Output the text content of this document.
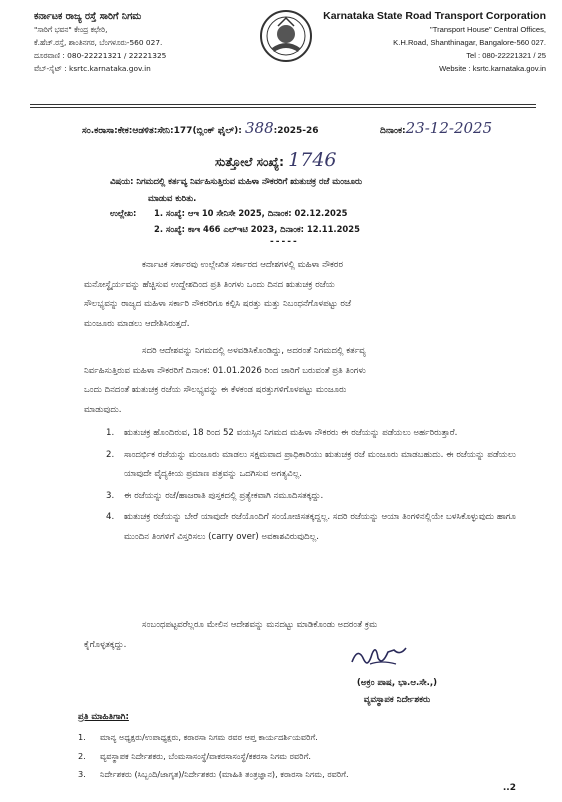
ಕರ್ನಾಟಕ ರಾಜ್ಯ ರಸ್ತೆ ಸಾರಿಗೆ ನಿಗಮ
"ಸಾರಿಗೆ ಭವನ" ಕೇಂದ್ರ ಕಛೇರಿ,
ಕೆ.ಹೆಚ್.ರಸ್ತೆ, ಶಾಂತಿನಗರ, ಬೆಂಗಳೂರು-560 027.
ದೂರವಾಣಿ : 080-22221321 / 22221325
ವೆಬ್-ಸೈಟ್ : ksrtc.karnataka.gov.in
Karnataka State Road Transport Corporation
"Transport House" Central Offices,
K.H.Road, Shanthinagar, Bangalore-560 027.
Tel : 080-22221321 / 25
Website : ksrtc.karnataka.gov.in
ಸಂ.ಕರಾಸಾ:ಕೇಕ:ಆಡಳಿತ:ಸೇನಿ:177(ಬ್ಲಿಂಕ್ ಫೈಲ್): 388:2025-26	ದಿನಾಂಕ:23-12-2025
ಸುತ್ತೋಲೆ ಸಂಖ್ಯೆ: 1746
ವಿಷಯ: ನಿಗಮದಲ್ಲಿ ಕರ್ತವ್ಯ ನಿರ್ವಹಿಸುತ್ತಿರುವ ಮಹಿಳಾ ನೌಕರರಿಗೆ ಋತುಚಕ್ರ ರಜೆ ಮಂಜೂರು
ಮಾಡುವ ಕುರಿತು.
ಉಲ್ಲೇಖ: 1. ಸಂಖ್ಯೆ: ಆಇ 10 ಸೇನಿಸೇ 2025, ದಿನಾಂಕ: 02.12.2025
2. ಸಂಖ್ಯೆ: ಕಾಇ 466 ಎಲ್ಇಟಿ 2023, ದಿನಾಂಕ: 12.11.2025
-----
ಕರ್ನಾಟಕ ಸರ್ಕಾರವು ಉಲ್ಲೇಖಿತ ಸರ್ಕಾರದ ಆದೇಶಗಳಲ್ಲಿ ಮಹಿಳಾ ನೌಕರರ
ಮನೋಸ್ಥೈರ್ಯವನ್ನು ಹೆಚ್ಚಿಸುವ ಉದ್ದೇಶದಿಂದ ಪ್ರತಿ ತಿಂಗಳು ಒಂದು ದಿನದ ಋತುಚಕ್ರ ರಜೆಯ
ಸೌಲಭ್ಯವನ್ನು ರಾಜ್ಯದ ಮಹಿಳಾ ಸರ್ಕಾರಿ ನೌಕರರಿಗೂ ಕಲ್ಪಿಸಿ ಷರತ್ತು ಮತ್ತು ನಿಬಂಧನೆಗೊಳಪಟ್ಟು ರಜೆ
ಮಂಜೂರು ಮಾಡಲು ಆದೇಶಿಸಿರುತ್ತದೆ.
ಸದರಿ ಆದೇಶವನ್ನು ನಿಗಮದಲ್ಲಿ ಅಳವಡಿಸಿಕೊಂಡಿದ್ದು, ಅದರಂತೆ ನಿಗಮದಲ್ಲಿ ಕರ್ತವ್ಯ
ನಿರ್ವಹಿಸುತ್ತಿರುವ ಮಹಿಳಾ ನೌಕರರಿಗೆ ದಿನಾಂಕ: 01.01.2026 ರಿಂದ ಜಾರಿಗೆ ಬರುವಂತೆ ಪ್ರತಿ ತಿಂಗಳು
ಒಂದು ದಿನದಂತೆ ಋತುಚಕ್ರ ರಜೆಯ ಸೌಲಭ್ಯವನ್ನು ಈ ಕೆಳಕಂಡ ಷರತ್ತುಗಳಿಗೊಳಪಟ್ಟು ಮಂಜೂರು
ಮಾಡುವುದು.
1. ಋತುಚಕ್ರ ಹೊಂದಿರುವ, 18 ರಿಂದ 52 ವಯಸ್ಸಿನ ನಿಗಮದ ಮಹಿಳಾ ನೌಕರರು ಈ ರಜೆಯನ್ನು ಪಡೆಯಲು ಅರ್ಹರಿರುತ್ತಾರೆ.
2. ಸಾಂದರ್ಭಿಕ ರಜೆಯನ್ನು ಮಂಜೂರು ಮಾಡಲು ಸಕ್ಷಮವಾದ ಪ್ರಾಧಿಕಾರಿಯು ಋತುಚಕ್ರ ರಜೆ ಮಂಜೂರು ಮಾಡಬಹುದು. ಈ ರಜೆಯನ್ನು ಪಡೆಯಲು ಯಾವುದೇ ವೈದ್ಯಕೀಯ ಪ್ರಮಾಣ ಪತ್ರವನ್ನು ಒದಗಿಸುವ ಅಗತ್ಯವಿಲ್ಲ.
3. ಈ ರಜೆಯನ್ನು ರಜೆ/ಹಾಜರಾತಿ ಪುಸ್ತಕದಲ್ಲಿ ಪ್ರತ್ಯೇಕವಾಗಿ ನಮೂದಿಸತಕ್ಕದ್ದು.
4. ಋತುಚಕ್ರ ರಜೆಯನ್ನು ಬೇರೆ ಯಾವುದೇ ರಜೆಯೊಂದಿಗೆ ಸಂಯೋಜಿಸತಕ್ಕದ್ದಲ್ಲ. ಸದರಿ ರಜೆಯನ್ನು ಆಯಾ ತಿಂಗಳಿನಲ್ಲಿಯೇ ಬಳಸಿಕೊಳ್ಳುವುದು ಹಾಗೂ ಮುಂದಿನ ತಿಂಗಳಿಗೆ ವಿಸ್ತರಿಸಲು (carry over) ಅವಕಾಶವಿರುವುದಿಲ್ಲ.
ಸಂಬಂಧಪಟ್ಟವರೆಲ್ಲರೂ ಮೇಲಿನ ಆದೇಶವನ್ನು ಮನದಟ್ಟು ಮಾಡಿಕೊಂಡು ಅದರಂತೆ ಕ್ರಮ
ಕೈಗೊಳ್ಳತಕ್ಕದ್ದು.
(ಅಕ್ರಂ ಪಾಷ, ಭಾ.ಆ.ಸೇ.,)
ವ್ಯವಸ್ಥಾಪಕ ನಿರ್ದೇಶಕರು
ಪ್ರತಿ ಮಾಹಿತಿಗಾಗಿ:
1. ಮಾನ್ಯ ಅಧ್ಯಕ್ಷರು/ಉಪಾಧ್ಯಕ್ಷರು, ಕರಾರಸಾ ನಿಗಮ ರವರ ಆಪ್ತ ಕಾರ್ಯದರ್ಶಿಯವರಿಗೆ.
2. ವ್ಯವಸ್ಥಾಪಕ ನಿರ್ದೇಶಕರು, ಬೆಂಮಸಾಸಂಸ್ಥೆ/ವಾಕರಸಾಸಂಸ್ಥೆ/ಕಕರಸಾ ನಿಗಮ ರವರಿಗೆ.
3. ನಿರ್ದೇಶಕರು (ಸಿಬ್ಬಂದಿ/ಜಾಗೃತ)/ನಿರ್ದೇಶಕರು (ಮಾಹಿತಿ ತಂತ್ರಜ್ಞಾನ), ಕರಾರಸಾ ನಿಗಮ, ರವರಿಗೆ.
..2
